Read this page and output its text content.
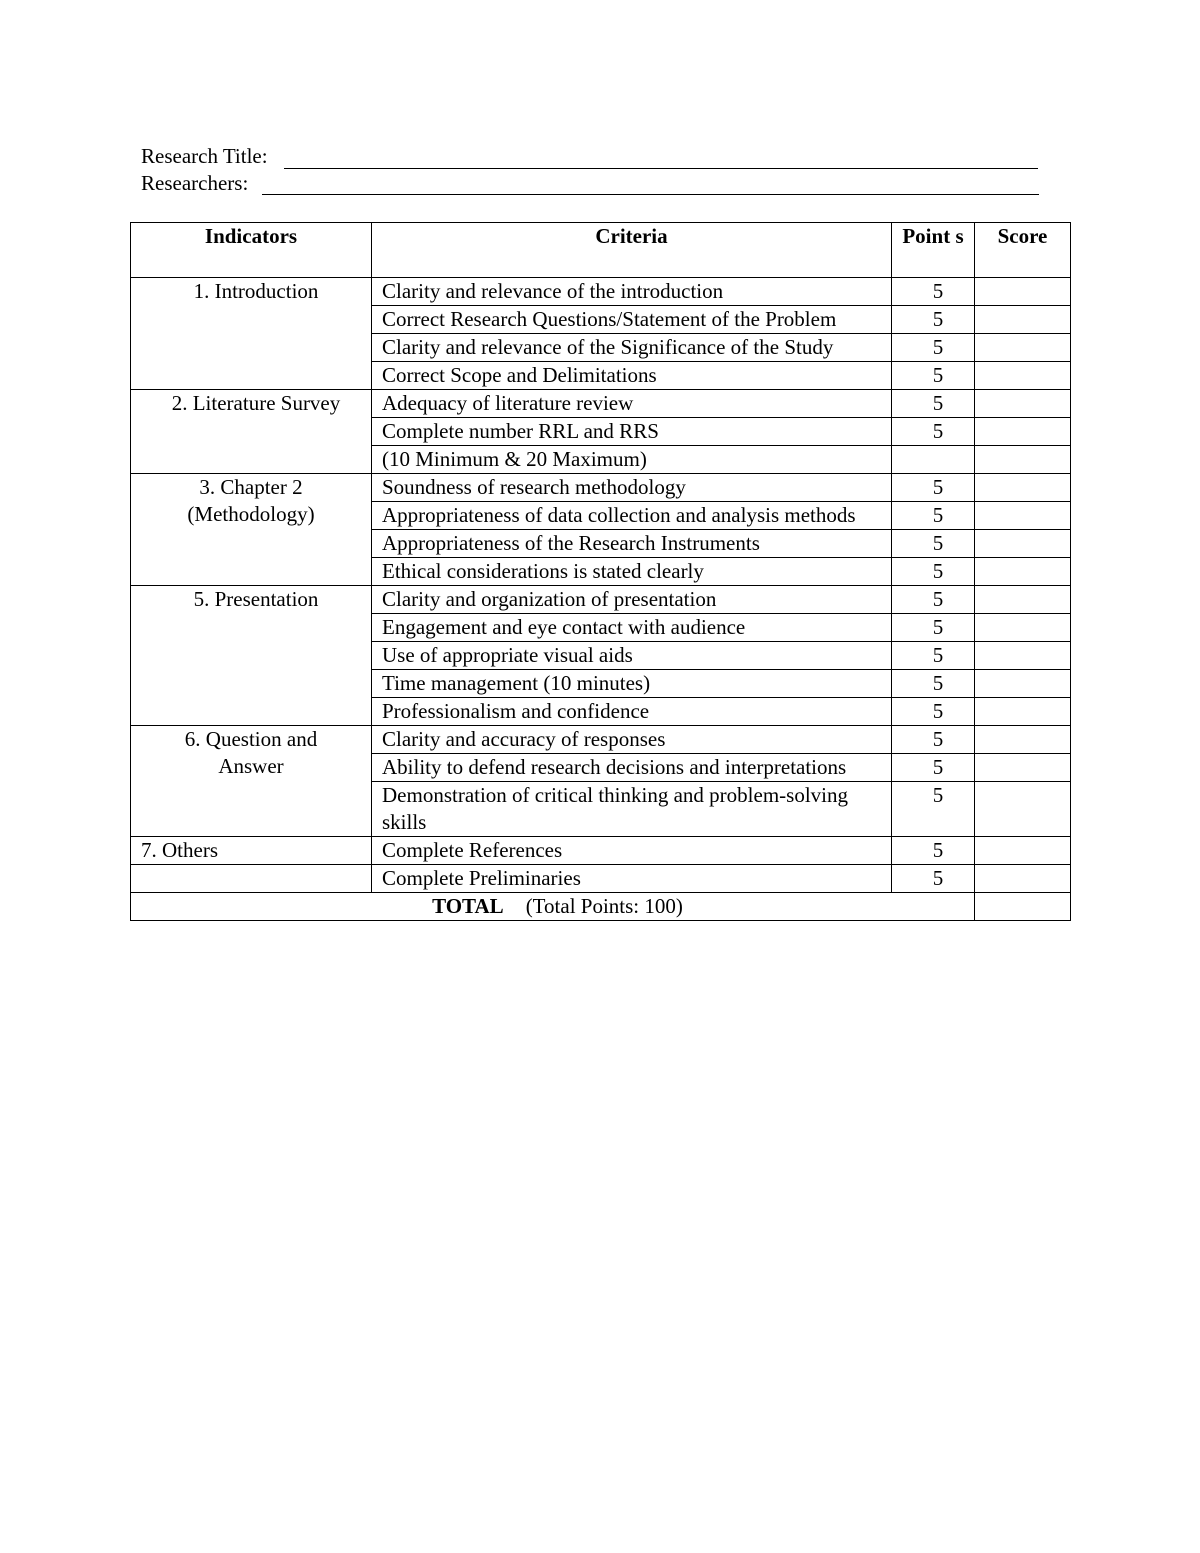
Research Title:
Researchers:
Indicators	Criteria	Point s	Score
1. Introduction	Clarity and relevance of the introduction	5	
	Correct Research Questions/Statement of the Problem	5	
	Clarity and relevance of the Significance of the Study	5	
	Correct Scope and Delimitations	5	
2. Literature Survey	Adequacy of literature review	5	
	Complete number RRL and RRS	5	
	(10 Minimum & 20 Maximum)		
3. Chapter 2 (Methodology)	Soundness of research methodology	5	
	Appropriateness of data collection and analysis methods	5	
	Appropriateness of the Research Instruments	5	
	Ethical considerations is stated clearly	5	
5. Presentation	Clarity and organization of presentation	5	
	Engagement and eye contact with audience	5	
	Use of appropriate visual aids	5	
	Time management (10 minutes)	5	
	Professionalism and confidence	5	
6. Question and Answer	Clarity and accuracy of responses	5	
	Ability to defend research decisions and interpretations	5	
	Demonstration of critical thinking and problem-solving skills	5	
7. Others	Complete References	5	
	Complete Preliminaries	5	
TOTAL (Total Points: 100)			
